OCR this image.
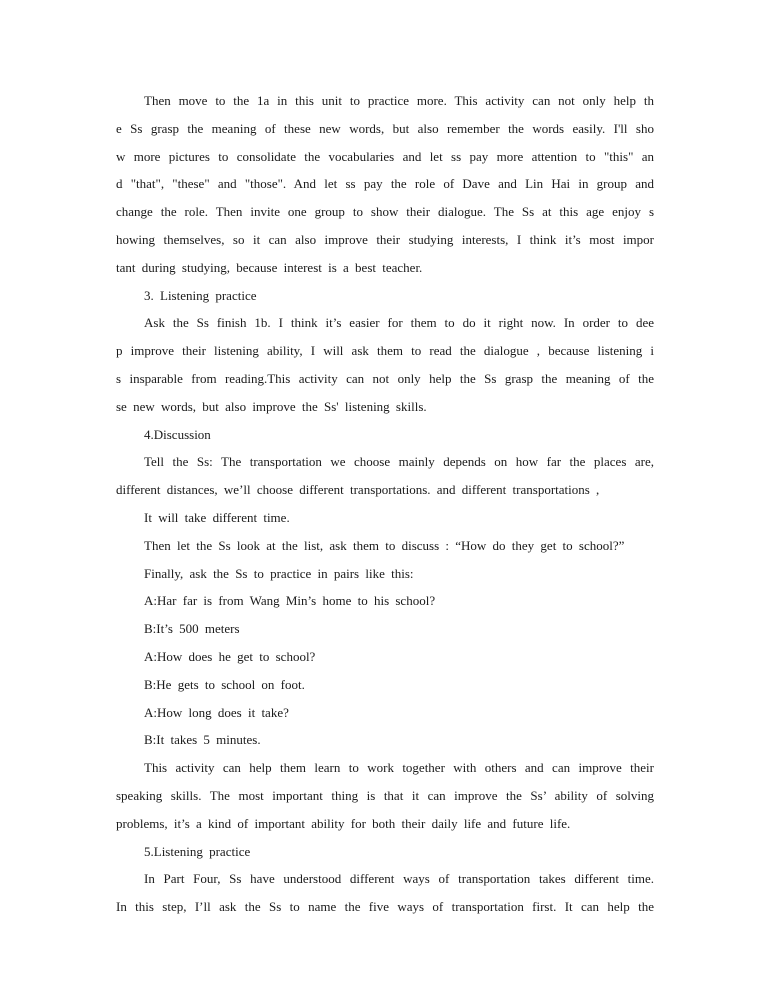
Then move to the 1a in this unit to practice more. This activity can not only help th
e Ss grasp the meaning of these new words, but also remember the words easily. I'll sho
w more pictures to consolidate the vocabularies and let ss pay more attention to "this" an
d "that", "these" and "those". And let ss pay the role of Dave and Lin Hai in group and
change the role. Then invite one group to show their dialogue. The Ss at this age enjoy s
howing themselves, so it can also improve their studying interests, I think it’s most impor
tant during studying, because interest is a best teacher.
3. Listening practice
Ask the Ss finish 1b. I think it’s easier for them to do it right now. In order to dee
p improve their listening ability, I will ask them to read the dialogue , because listening i
s insparable from reading.This activity can not only help the Ss grasp the meaning of the
se new words, but also improve the Ss' listening skills.
4.Discussion
Tell the Ss: The transportation we choose mainly depends on how far the places are,
different distances, we’ll choose different transportations. and different transportations ,
It will take different time.
Then let the Ss look at the list, ask them to discuss : “How do they get to school?”
Finally, ask the Ss to practice in pairs like this:
A:Har far is from Wang Min’s home to his school?
B:It’s 500 meters
A:How does he get to school?
B:He gets to school on foot.
A:How long does it take?
B:It takes 5 minutes.
This activity can help them learn to work together with others and can improve their
speaking skills. The most important thing is that it can improve the Ss’ ability of solving
problems, it’s a kind of important ability for both their daily life and future life.
5.Listening practice
In Part Four, Ss have understood different ways of transportation takes different time.
In this step, I’ll ask the Ss to name the five ways of transportation first. It can help the
